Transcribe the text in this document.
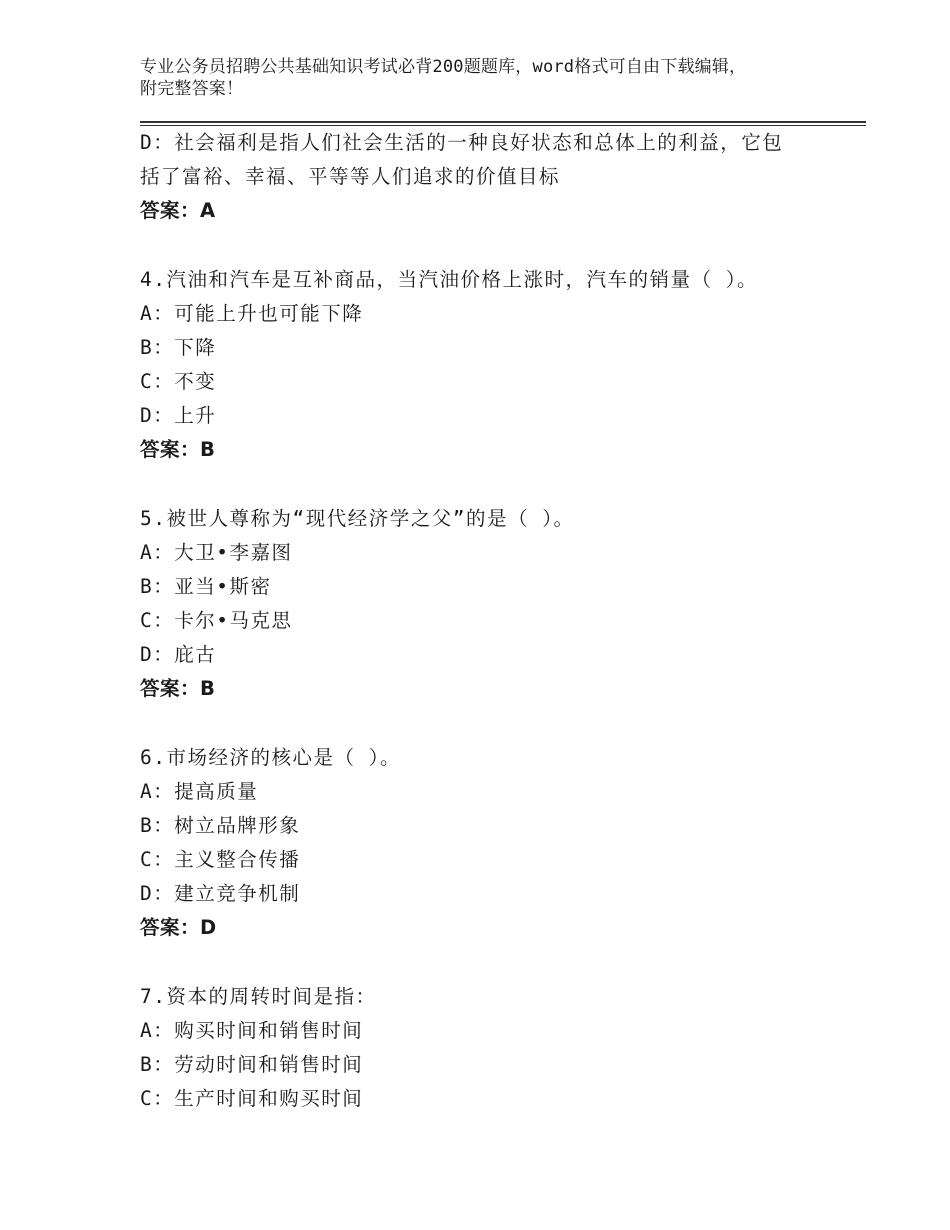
专业公务员招聘公共基础知识考试必背200题题库，word格式可自由下载编辑，
附完整答案！
D：社会福利是指人们社会生活的一种良好状态和总体上的利益，它包
括了富裕、幸福、平等等人们追求的价值目标
答案：A
4.汽油和汽车是互补商品，当汽油价格上涨时，汽车的销量（ ）。
A：可能上升也可能下降
B：下降
C：不变
D：上升
答案：B
5.被世人尊称为“现代经济学之父”的是（ ）。
A：大卫•李嘉图
B：亚当•斯密
C：卡尔•马克思
D：庇古
答案：B
6.市场经济的核心是（ ）。
A：提高质量
B：树立品牌形象
C：主义整合传播
D：建立竞争机制
答案：D
7.资本的周转时间是指：
A：购买时间和销售时间
B：劳动时间和销售时间
C：生产时间和购买时间
